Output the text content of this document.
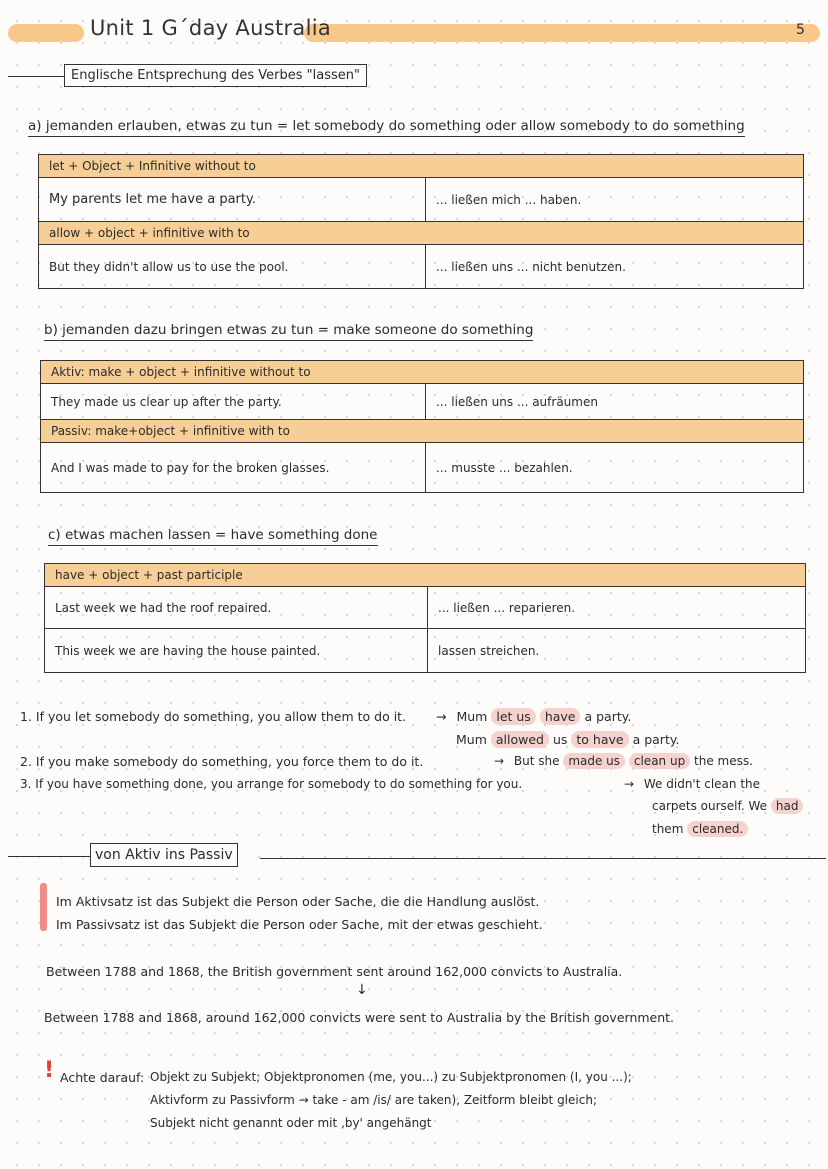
Unit 1 G´day Australia	5
Englische Entsprechung des Verbes "lassen"
a) jemanden erlauben, etwas zu tun = let somebody do something oder allow somebody to do something
let + Object + Infinitive without to	
My parents let me have a party.	... ließen mich ... haben.
allow + object + infinitive with to	
But they didn't allow us to use the pool.	... ließen uns ... nicht benutzen.
b) jemanden dazu bringen etwas zu tun = make someone do something
Aktiv: make + object + infinitive without to	
They made us clear up after the party.	... ließen uns ... aufräumen
Passiv: make+object + infinitive with to	
And I was made to pay for the broken glasses.	... musste ... bezahlen.
c) etwas machen lassen = have something done
have + object + past participle	
Last week we had the roof repaired.	... ließen ... reparieren.
This week we are having the house painted.	lassen streichen.
1. If you let somebody do something, you allow them to do it.	→ Mum let us have a party.
Mum allowed us to have a party.
2. If you make somebody do something, you force them to do it.	→ But she made us clean up the mess.
3. If you have something done, you arrange for somebody to do something for you.	→ We didn't clean the
carpets ourself. We had
them cleaned.
von Aktiv ins Passiv
Im Aktivsatz ist das Subjekt die Person oder Sache, die die Handlung auslöst.
Im Passivsatz ist das Subjekt die Person oder Sache, mit der etwas geschieht.
Between 1788 and 1868, the British government sent around 162,000 convicts to Australia.
↓
Between 1788 and 1868, around 162,000 convicts were sent to Australia by the British government.
! Achte darauf: Objekt zu Subjekt; Objektpronomen (me, you...) zu Subjektpronomen (I, you ...);
Aktivform zu Passivform → take - am /is/ are taken), Zeitform bleibt gleich;
Subjekt nicht genannt oder mit ‚by' angehängt
